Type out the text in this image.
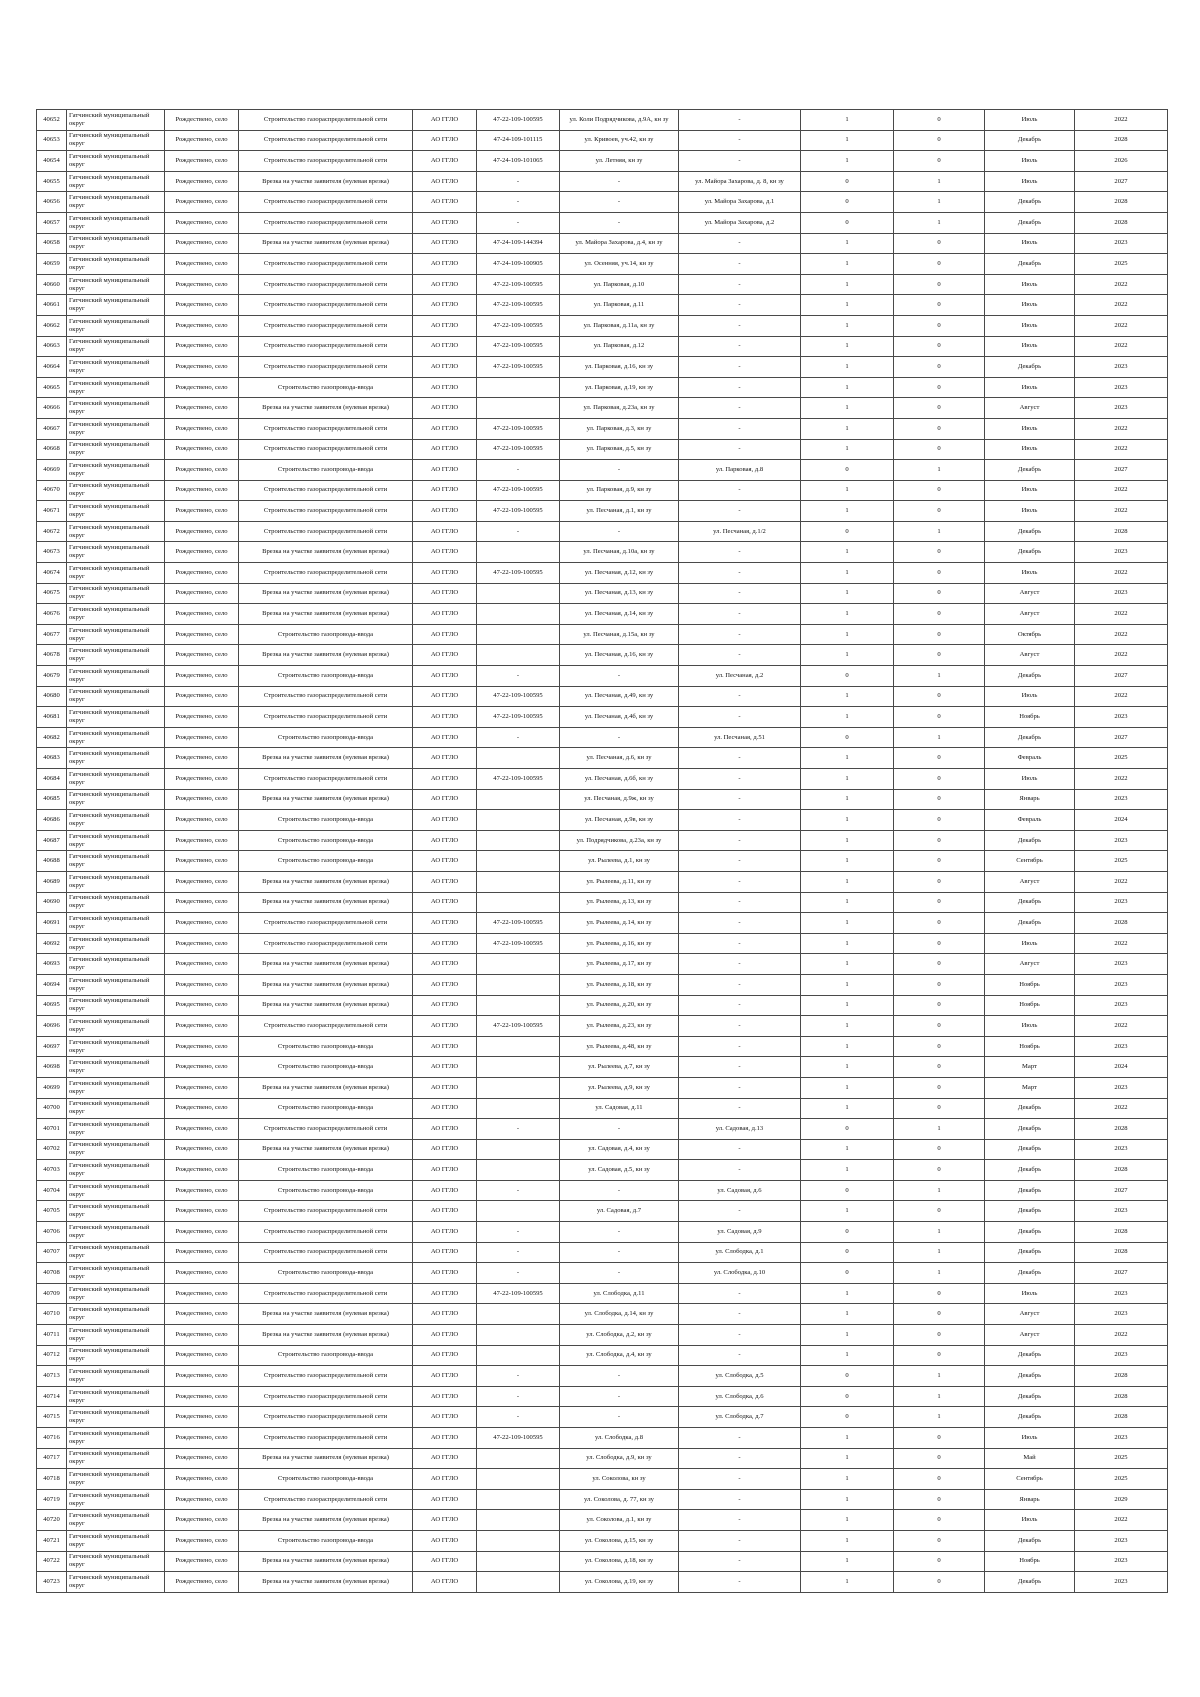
40652	Гатчинский муниципальный округ	Рождествено, село	Строительство газораспределительной сети	АО ГГЛО	47-22-109-100595	ул. Коли Подрядчикова, д.9А, кн зу	-	1	0	Июль	2022
40653	Гатчинский муниципальный округ	Рождествено, село	Строительство газораспределительной сети	АО ГГЛО	47-24-109-101115	ул. Кривоев, уч.42, кн зу	-	1	0	Декабрь	2028
40654	Гатчинский муниципальный округ	Рождествено, село	Строительство газораспределительной сети	АО ГГЛО	47-24-109-101065	ул. Летняя, кн зу	-	1	0	Июль	2026
40655	Гатчинский муниципальный округ	Рождествено, село	Врезка на участке заявителя (нулевая врезка)	АО ГГЛО	-	-	ул. Майора Захарова, д. 8, кн зу	0	1	Июль	2027
40656	Гатчинский муниципальный округ	Рождествено, село	Строительство газораспределительной сети	АО ГГЛО	-	-	ул. Майора Захарова, д.1	0	1	Декабрь	2028
40657	Гатчинский муниципальный округ	Рождествено, село	Строительство газораспределительной сети	АО ГГЛО	-	-	ул. Майора Захарова, д.2	0	1	Декабрь	2028
40658	Гатчинский муниципальный округ	Рождествено, село	Врезка на участке заявителя (нулевая врезка)	АО ГГЛО	47-24-109-144394	ул. Майора Захарова, д.4, кн зу	-	1	0	Июль	2023
40659	Гатчинский муниципальный округ	Рождествено, село	Строительство газораспределительной сети	АО ГГЛО	47-24-109-100905	ул. Осенняя, уч.14, кн зу	-	1	0	Декабрь	2025
40660	Гатчинский муниципальный округ	Рождествено, село	Строительство газораспределительной сети	АО ГГЛО	47-22-109-100595	ул. Парковая, д.10	-	1	0	Июль	2022
40661	Гатчинский муниципальный округ	Рождествено, село	Строительство газораспределительной сети	АО ГГЛО	47-22-109-100595	ул. Парковая, д.11	-	1	0	Июль	2022
40662	Гатчинский муниципальный округ	Рождествено, село	Строительство газораспределительной сети	АО ГГЛО	47-22-109-100595	ул. Парковая, д.11а, кн зу	-	1	0	Июль	2022
40663	Гатчинский муниципальный округ	Рождествено, село	Строительство газораспределительной сети	АО ГГЛО	47-22-109-100595	ул. Парковая, д.12	-	1	0	Июль	2022
40664	Гатчинский муниципальный округ	Рождествено, село	Строительство газораспределительной сети	АО ГГЛО	47-22-109-100595	ул. Парковая, д.16, кн зу	-	1	0	Декабрь	2023
40665	Гатчинский муниципальный округ	Рождествено, село	Строительство газопровода-ввода	АО ГГЛО		ул. Парковая, д.19, кн зу	-	1	0	Июль	2023
40666	Гатчинский муниципальный округ	Рождествено, село	Врезка на участке заявителя (нулевая врезка)	АО ГГЛО		ул. Парковая, д.23а, кн зу	-	1	0	Август	2023
40667	Гатчинский муниципальный округ	Рождествено, село	Строительство газораспределительной сети	АО ГГЛО	47-22-109-100595	ул. Парковая, д.3, кн зу	-	1	0	Июль	2022
40668	Гатчинский муниципальный округ	Рождествено, село	Строительство газораспределительной сети	АО ГГЛО	47-22-109-100595	ул. Парковая, д.5, кн зу	-	1	0	Июль	2022
40669	Гатчинский муниципальный округ	Рождествено, село	Строительство газопровода-ввода	АО ГГЛО	-	-	ул. Парковая, д.8	0	1	Декабрь	2027
40670	Гатчинский муниципальный округ	Рождествено, село	Строительство газораспределительной сети	АО ГГЛО	47-22-109-100595	ул. Парковая, д.9, кн зу	-	1	0	Июль	2022
40671	Гатчинский муниципальный округ	Рождествено, село	Строительство газораспределительной сети	АО ГГЛО	47-22-109-100595	ул. Песчаная, д.1, кн зу	-	1	0	Июль	2022
40672	Гатчинский муниципальный округ	Рождествено, село	Строительство газораспределительной сети	АО ГГЛО	-	-	ул. Песчаная, д.1/2	0	1	Декабрь	2028
40673	Гатчинский муниципальный округ	Рождествено, село	Врезка на участке заявителя (нулевая врезка)	АО ГГЛО		ул. Песчаная, д.10а, кн зу	-	1	0	Декабрь	2023
40674	Гатчинский муниципальный округ	Рождествено, село	Строительство газораспределительной сети	АО ГГЛО	47-22-109-100595	ул. Песчаная, д.12, кн зу	-	1	0	Июль	2022
40675	Гатчинский муниципальный округ	Рождествено, село	Врезка на участке заявителя (нулевая врезка)	АО ГГЛО		ул. Песчаная, д.13, кн зу	-	1	0	Август	2023
40676	Гатчинский муниципальный округ	Рождествено, село	Врезка на участке заявителя (нулевая врезка)	АО ГГЛО		ул. Песчаная, д.14, кн зу	-	1	0	Август	2022
40677	Гатчинский муниципальный округ	Рождествено, село	Строительство газопровода-ввода	АО ГГЛО		ул. Песчаная, д.15а, кн зу	-	1	0	Октябрь	2022
40678	Гатчинский муниципальный округ	Рождествено, село	Врезка на участке заявителя (нулевая врезка)	АО ГГЛО		ул. Песчаная, д.16, кн зу	-	1	0	Август	2022
40679	Гатчинский муниципальный округ	Рождествено, село	Строительство газопровода-ввода	АО ГГЛО	-	-	ул. Песчаная, д.2	0	1	Декабрь	2027
40680	Гатчинский муниципальный округ	Рождествено, село	Строительство газораспределительной сети	АО ГГЛО	47-22-109-100595	ул. Песчаная, д.49, кн зу	-	1	0	Июль	2022
40681	Гатчинский муниципальный округ	Рождествено, село	Строительство газораспределительной сети	АО ГГЛО	47-22-109-100595	ул. Песчаная, д.4б, кн зу	-	1	0	Ноябрь	2023
40682	Гатчинский муниципальный округ	Рождествено, село	Строительство газопровода-ввода	АО ГГЛО	-	-	ул. Песчаная, д.51	0	1	Декабрь	2027
40683	Гатчинский муниципальный округ	Рождествено, село	Врезка на участке заявителя (нулевая врезка)	АО ГГЛО		ул. Песчаная, д.6, кн зу	-	1	0	Февраль	2025
40684	Гатчинский муниципальный округ	Рождествено, село	Строительство газораспределительной сети	АО ГГЛО	47-22-109-100595	ул. Песчаная, д.6б, кн зу	-	1	0	Июль	2022
40685	Гатчинский муниципальный округ	Рождествено, село	Врезка на участке заявителя (нулевая врезка)	АО ГГЛО		ул. Песчаная, д.9ж, кн зу	-	1	0	Январь	2023
40686	Гатчинский муниципальный округ	Рождествено, село	Строительство газопровода-ввода	АО ГГЛО		ул. Песчаная, д.9в, кн зу	-	1	0	Февраль	2024
40687	Гатчинский муниципальный округ	Рождествено, село	Строительство газопровода-ввода	АО ГГЛО		ул. Подрядчикова, д.23а, кн зу	-	1	0	Декабрь	2023
40688	Гатчинский муниципальный округ	Рождествено, село	Строительство газопровода-ввода	АО ГГЛО		ул. Рылеева, д.1, кн зу	-	1	0	Сентябрь	2025
40689	Гатчинский муниципальный округ	Рождествено, село	Врезка на участке заявителя (нулевая врезка)	АО ГГЛО		ул. Рылеева, д.11, кн зу	-	1	0	Август	2022
40690	Гатчинский муниципальный округ	Рождествено, село	Врезка на участке заявителя (нулевая врезка)	АО ГГЛО		ул. Рылеева, д.13, кн зу	-	1	0	Декабрь	2023
40691	Гатчинский муниципальный округ	Рождествено, село	Строительство газораспределительной сети	АО ГГЛО	47-22-109-100595	ул. Рылеева, д.14, кн зу	-	1	0	Декабрь	2028
40692	Гатчинский муниципальный округ	Рождествено, село	Строительство газораспределительной сети	АО ГГЛО	47-22-109-100595	ул. Рылеева, д.16, кн зу	-	1	0	Июль	2022
40693	Гатчинский муниципальный округ	Рождествено, село	Врезка на участке заявителя (нулевая врезка)	АО ГГЛО		ул. Рылеева, д.17, кн зу	-	1	0	Август	2023
40694	Гатчинский муниципальный округ	Рождествено, село	Врезка на участке заявителя (нулевая врезка)	АО ГГЛО		ул. Рылеева, д.18, кн зу	-	1	0	Ноябрь	2023
40695	Гатчинский муниципальный округ	Рождествено, село	Врезка на участке заявителя (нулевая врезка)	АО ГГЛО		ул. Рылеева, д.20, кн зу	-	1	0	Ноябрь	2023
40696	Гатчинский муниципальный округ	Рождествено, село	Строительство газораспределительной сети	АО ГГЛО	47-22-109-100595	ул. Рылеева, д.23, кн зу	-	1	0	Июль	2022
40697	Гатчинский муниципальный округ	Рождествено, село	Строительство газопровода-ввода	АО ГГЛО		ул. Рылеева, д.48, кн зу	-	1	0	Ноябрь	2023
40698	Гатчинский муниципальный округ	Рождествено, село	Строительство газопровода-ввода	АО ГГЛО		ул. Рылеева, д.7, кн зу	-	1	0	Март	2024
40699	Гатчинский муниципальный округ	Рождествено, село	Врезка на участке заявителя (нулевая врезка)	АО ГГЛО		ул. Рылеева, д.9, кн зу	-	1	0	Март	2023
40700	Гатчинский муниципальный округ	Рождествено, село	Строительство газопровода-ввода	АО ГГЛО		ул. Садовая, д.11	-	1	0	Декабрь	2022
40701	Гатчинский муниципальный округ	Рождествено, село	Строительство газораспределительной сети	АО ГГЛО	-	-	ул. Садовая, д.13	0	1	Декабрь	2028
40702	Гатчинский муниципальный округ	Рождествено, село	Врезка на участке заявителя (нулевая врезка)	АО ГГЛО		ул. Садовая, д.4, кн зу	-	1	0	Декабрь	2023
40703	Гатчинский муниципальный округ	Рождествено, село	Строительство газопровода-ввода	АО ГГЛО		ул. Садовая, д.5, кн зу	-	1	0	Декабрь	2028
40704	Гатчинский муниципальный округ	Рождествено, село	Строительство газопровода-ввода	АО ГГЛО	-	-	ул. Садовая, д.6	0	1	Декабрь	2027
40705	Гатчинский муниципальный округ	Рождествено, село	Строительство газораспределительной сети	АО ГГЛО		ул. Садовая, д.7	-	1	0	Декабрь	2023
40706	Гатчинский муниципальный округ	Рождествено, село	Строительство газораспределительной сети	АО ГГЛО	-	-	ул. Садовая, д.9	0	1	Декабрь	2028
40707	Гатчинский муниципальный округ	Рождествено, село	Строительство газораспределительной сети	АО ГГЛО	-	-	ул. Слободка, д.1	0	1	Декабрь	2028
40708	Гатчинский муниципальный округ	Рождествено, село	Строительство газопровода-ввода	АО ГГЛО	-	-	ул. Слободка, д.10	0	1	Декабрь	2027
40709	Гатчинский муниципальный округ	Рождествено, село	Строительство газораспределительной сети	АО ГГЛО	47-22-109-100595	ул. Слободка, д.11	-	1	0	Июль	2023
40710	Гатчинский муниципальный округ	Рождествено, село	Врезка на участке заявителя (нулевая врезка)	АО ГГЛО		ул. Слободка, д.14, кн зу	-	1	0	Август	2023
40711	Гатчинский муниципальный округ	Рождествено, село	Врезка на участке заявителя (нулевая врезка)	АО ГГЛО		ул. Слободка, д.2, кн зу	-	1	0	Август	2022
40712	Гатчинский муниципальный округ	Рождествено, село	Строительство газопровода-ввода	АО ГГЛО		ул. Слободка, д.4, кн зу	-	1	0	Декабрь	2023
40713	Гатчинский муниципальный округ	Рождествено, село	Строительство газораспределительной сети	АО ГГЛО	-	-	ул. Слободка, д.5	0	1	Декабрь	2028
40714	Гатчинский муниципальный округ	Рождествено, село	Строительство газораспределительной сети	АО ГГЛО	-	-	ул. Слободка, д.6	0	1	Декабрь	2028
40715	Гатчинский муниципальный округ	Рождествено, село	Строительство газораспределительной сети	АО ГГЛО	-	-	ул. Слободка, д.7	0	1	Декабрь	2028
40716	Гатчинский муниципальный округ	Рождествено, село	Строительство газораспределительной сети	АО ГГЛО	47-22-109-100595	ул. Слободка, д.8	-	1	0	Июль	2023
40717	Гатчинский муниципальный округ	Рождествено, село	Врезка на участке заявителя (нулевая врезка)	АО ГГЛО		ул. Слободка, д.9, кн зу	-	1	0	Май	2025
40718	Гатчинский муниципальный округ	Рождествено, село	Строительство газопровода-ввода	АО ГГЛО		ул. Соколова, кн зу	-	1	0	Сентябрь	2025
40719	Гатчинский муниципальный округ	Рождествено, село	Строительство газораспределительной сети	АО ГГЛО		ул. Соколова, д. 77, кн зу	-	1	0	Январь	2029
40720	Гатчинский муниципальный округ	Рождествено, село	Врезка на участке заявителя (нулевая врезка)	АО ГГЛО		ул. Соколова, д.1, кн зу	-	1	0	Июль	2022
40721	Гатчинский муниципальный округ	Рождествено, село	Строительство газопровода-ввода	АО ГГЛО		ул. Соколова, д.15, кн зу	-	1	0	Декабрь	2023
40722	Гатчинский муниципальный округ	Рождествено, село	Врезка на участке заявителя (нулевая врезка)	АО ГГЛО		ул. Соколова, д.18, кн зу	-	1	0	Ноябрь	2023
40723	Гатчинский муниципальный округ	Рождествено, село	Врезка на участке заявителя (нулевая врезка)	АО ГГЛО		ул. Соколова, д.19, кн зу	-	1	0	Декабрь	2023
